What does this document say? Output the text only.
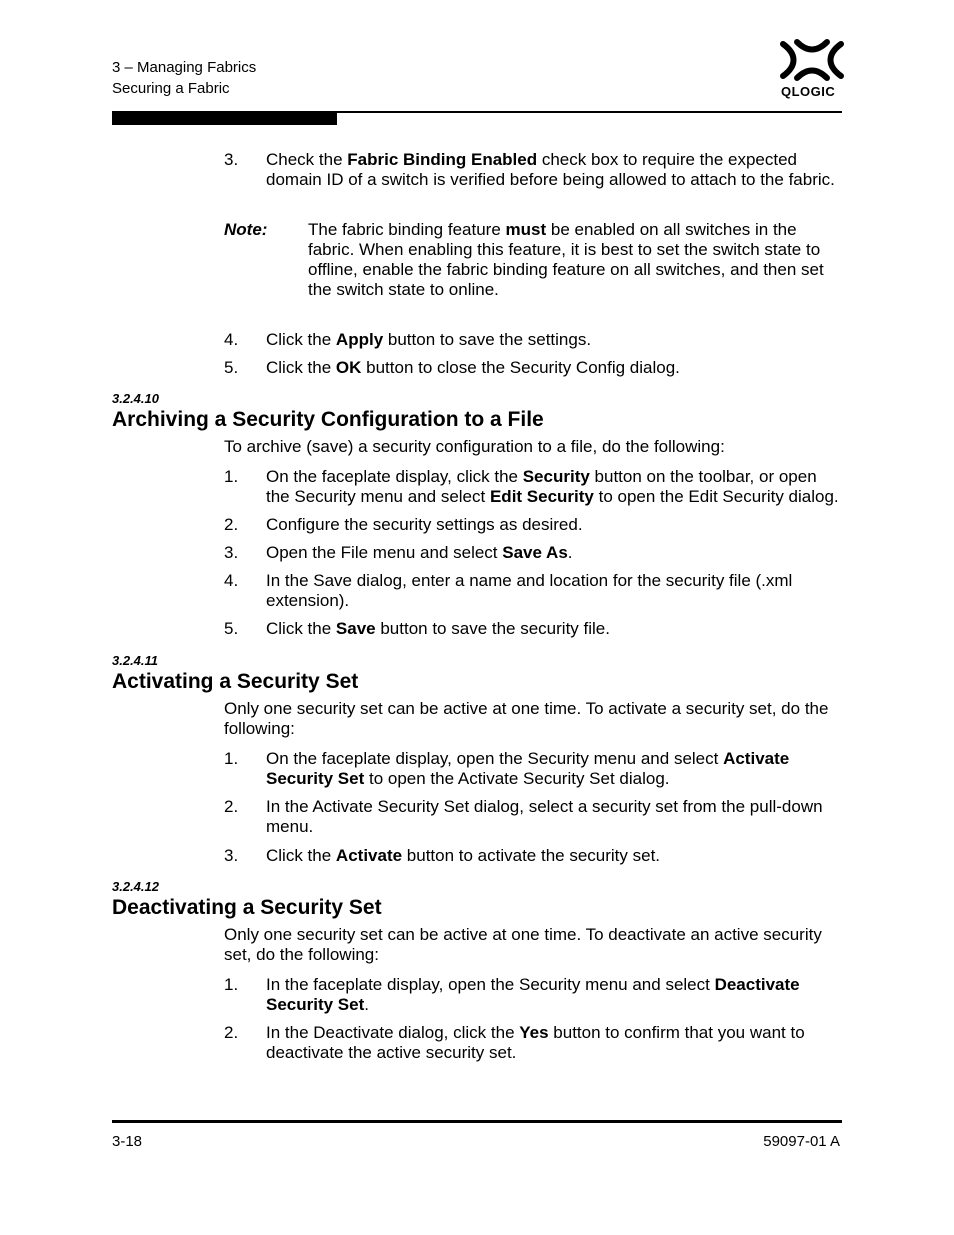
3 – Managing Fabrics
Securing a Fabric	QLOGIC
3. Check the Fabric Binding Enabled check box to require the expected domain ID of a switch is verified before being allowed to attach to the fabric.
Note: The fabric binding feature must be enabled on all switches in the fabric. When enabling this feature, it is best to set the switch state to offline, enable the fabric binding feature on all switches, and then set the switch state to online.
4. Click the Apply button to save the settings.
5. Click the OK button to close the Security Config dialog.
3.2.4.10
Archiving a Security Configuration to a File
To archive (save) a security configuration to a file, do the following:
1. On the faceplate display, click the Security button on the toolbar, or open the Security menu and select Edit Security to open the Edit Security dialog.
2. Configure the security settings as desired.
3. Open the File menu and select Save As.
4. In the Save dialog, enter a name and location for the security file (.xml extension).
5. Click the Save button to save the security file.
3.2.4.11
Activating a Security Set
Only one security set can be active at one time. To activate a security set, do the following:
1. On the faceplate display, open the Security menu and select Activate Security Set to open the Activate Security Set dialog.
2. In the Activate Security Set dialog, select a security set from the pull-down menu.
3. Click the Activate button to activate the security set.
3.2.4.12
Deactivating a Security Set
Only one security set can be active at one time. To deactivate an active security set, do the following:
1. In the faceplate display, open the Security menu and select Deactivate Security Set.
2. In the Deactivate dialog, click the Yes button to confirm that you want to deactivate the active security set.
3-18	59097-01 A
